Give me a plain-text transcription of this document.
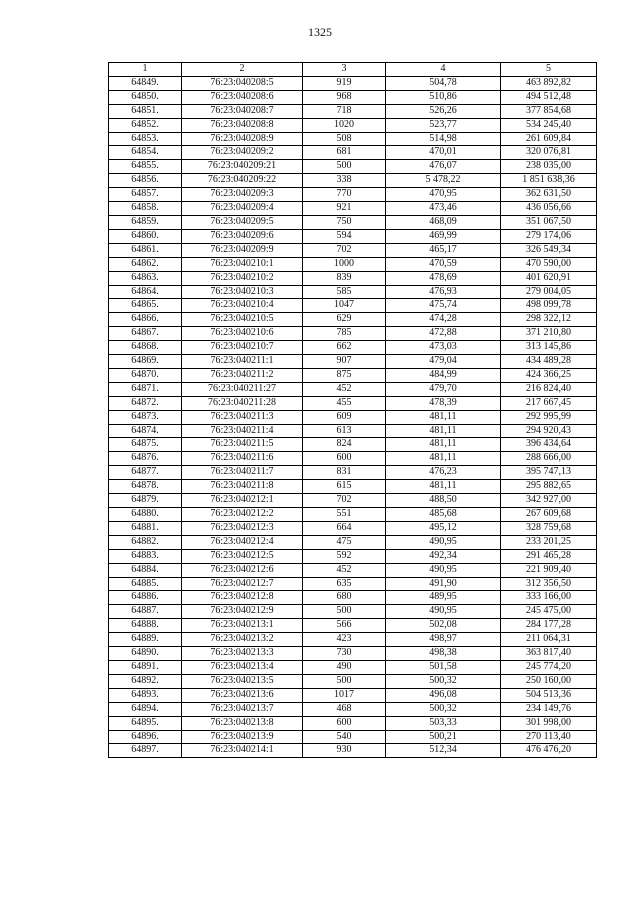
1325
1	2	3	4	5
64849.	76:23:040208:5	919	504,78	463 892,82
64850.	76:23:040208:6	968	510,86	494 512,48
64851.	76:23:040208:7	718	526,26	377 854,68
64852.	76:23:040208:8	1020	523,77	534 245,40
64853.	76:23:040208:9	508	514,98	261 609,84
64854.	76:23:040209:2	681	470,01	320 076,81
64855.	76:23:040209:21	500	476,07	238 035,00
64856.	76:23:040209:22	338	5 478,22	1 851 638,36
64857.	76:23:040209:3	770	470,95	362 631,50
64858.	76:23:040209:4	921	473,46	436 056,66
64859.	76:23:040209:5	750	468,09	351 067,50
64860.	76:23:040209:6	594	469,99	279 174,06
64861.	76:23:040209:9	702	465,17	326 549,34
64862.	76:23:040210:1	1000	470,59	470 590,00
64863.	76:23:040210:2	839	478,69	401 620,91
64864.	76:23:040210:3	585	476,93	279 004,05
64865.	76:23:040210:4	1047	475,74	498 099,78
64866.	76:23:040210:5	629	474,28	298 322,12
64867.	76:23:040210:6	785	472,88	371 210,80
64868.	76:23:040210:7	662	473,03	313 145,86
64869.	76:23:040211:1	907	479,04	434 489,28
64870.	76:23:040211:2	875	484,99	424 366,25
64871.	76:23:040211:27	452	479,70	216 824,40
64872.	76:23:040211:28	455	478,39	217 667,45
64873.	76:23:040211:3	609	481,11	292 995,99
64874.	76:23:040211:4	613	481,11	294 920,43
64875.	76:23:040211:5	824	481,11	396 434,64
64876.	76:23:040211:6	600	481,11	288 666,00
64877.	76:23:040211:7	831	476,23	395 747,13
64878.	76:23:040211:8	615	481,11	295 882,65
64879.	76:23:040212:1	702	488,50	342 927,00
64880.	76:23:040212:2	551	485,68	267 609,68
64881.	76:23:040212:3	664	495,12	328 759,68
64882.	76:23:040212:4	475	490,95	233 201,25
64883.	76:23:040212:5	592	492,34	291 465,28
64884.	76:23:040212:6	452	490,95	221 909,40
64885.	76:23:040212:7	635	491,90	312 356,50
64886.	76:23:040212:8	680	489,95	333 166,00
64887.	76:23:040212:9	500	490,95	245 475,00
64888.	76:23:040213:1	566	502,08	284 177,28
64889.	76:23:040213:2	423	498,97	211 064,31
64890.	76:23:040213:3	730	498,38	363 817,40
64891.	76:23:040213:4	490	501,58	245 774,20
64892.	76:23:040213:5	500	500,32	250 160,00
64893.	76:23:040213:6	1017	496,08	504 513,36
64894.	76:23:040213:7	468	500,32	234 149,76
64895.	76:23:040213:8	600	503,33	301 998,00
64896.	76:23:040213:9	540	500,21	270 113,40
64897.	76:23:040214:1	930	512,34	476 476,20
